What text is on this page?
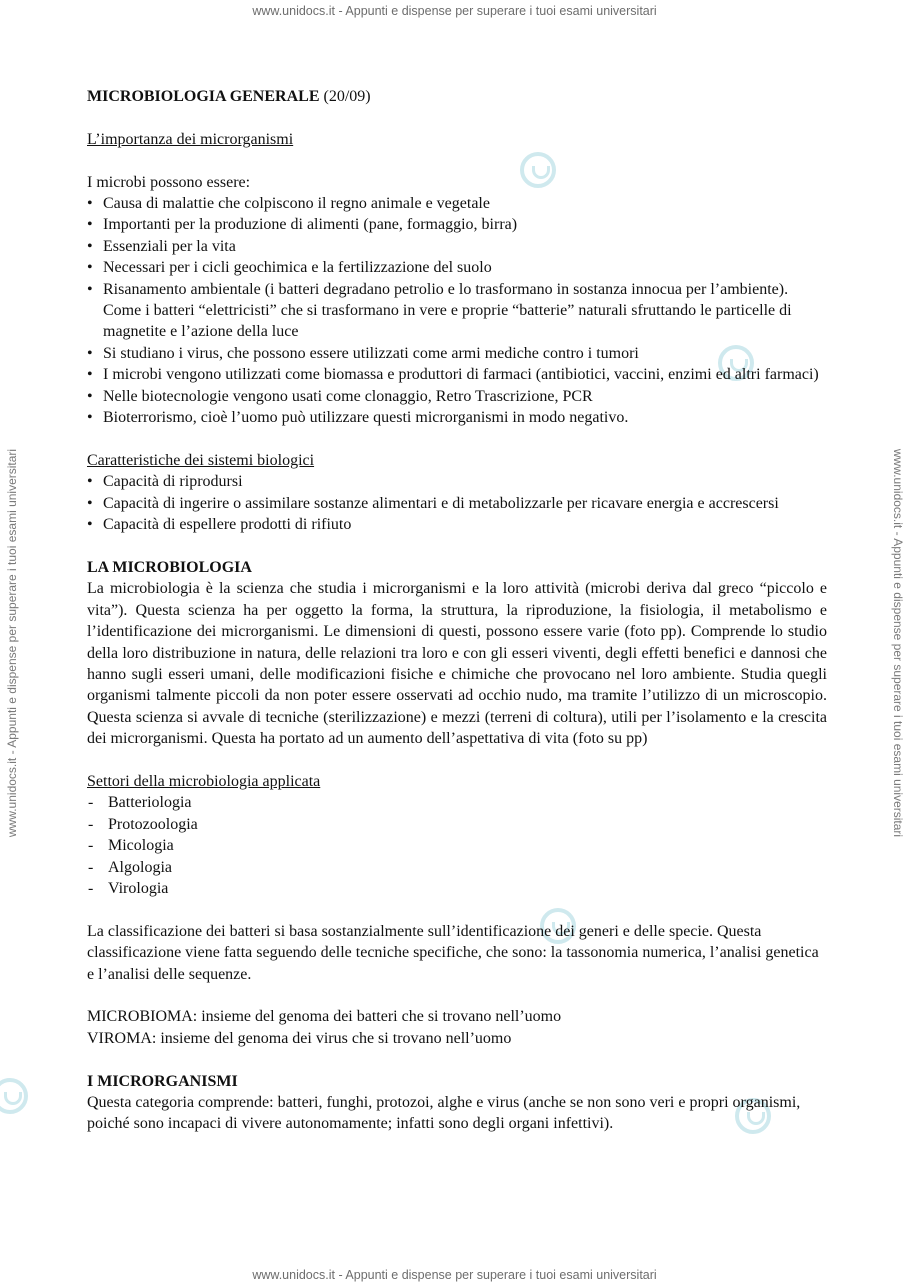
www.unidocs.it - Appunti e dispense per superare i tuoi esami universitari
www.unidocs.it - Appunti e dispense per superare i tuoi esami universitari
www.unidocs.it - Appunti e dispense per superare i tuoi esami universitari	www.unidocs.it - Appunti e dispense per superare i tuoi esami universitari

MICROBIOLOGIA GENERALE (20/09)

L’importanza dei microrganismi

I microbi possono essere:

• Causa di malattie che colpiscono il regno animale e vegetale
• Importanti per la produzione di alimenti (pane, formaggio, birra)
• Essenziali per la vita
• Necessari per i cicli geochimica e la fertilizzazione del suolo
• Risanamento ambientale (i batteri degradano petrolio e lo trasformano in sostanza innocua per l’ambiente). Come i batteri “elettricisti” che si trasformano in vere e proprie “batterie” naturali sfruttando le particelle di magnetite e l’azione della luce
• Si studiano i virus, che possono essere utilizzati come armi mediche contro i tumori
• I microbi vengono utilizzati come biomassa e produttori di farmaci (antibiotici, vaccini, enzimi ed altri farmaci)
• Nelle biotecnologie vengono usati come clonaggio, Retro Trascrizione, PCR
• Bioterrorismo, cioè l’uomo può utilizzare questi microrganismi in modo negativo.

Caratteristiche dei sistemi biologici

• Capacità di riprodursi
• Capacità di ingerire o assimilare sostanze alimentari e di metabolizzarle per ricavare energia e accrescersi
• Capacità di espellere prodotti di rifiuto

LA MICROBIOLOGIA

La microbiologia è la scienza che studia i microrganismi e la loro attività (microbi deriva dal greco “piccolo e vita”). Questa scienza ha per oggetto la forma, la struttura, la riproduzione, la fisiologia, il metabolismo e l’identificazione dei microrganismi. Le dimensioni di questi, possono essere varie (foto pp). Comprende lo studio della loro distribuzione in natura, delle relazioni tra loro e con gli esseri viventi, degli effetti benefici e dannosi che hanno sugli esseri umani, delle modificazioni fisiche e chimiche che provocano nel loro ambiente. Studia quegli organismi talmente piccoli da non poter essere osservati ad occhio nudo, ma tramite l’utilizzo di un microscopio. Questa scienza si avvale di tecniche (sterilizzazione) e mezzi (terreni di coltura), utili per l’isolamento e la crescita dei microrganismi. Questa ha portato ad un aumento dell’aspettativa di vita (foto su pp)

Settori della microbiologia applicata

- Batteriologia
- Protozoologia
- Micologia
- Algologia
- Virologia

La classificazione dei batteri si basa sostanzialmente sull’identificazione dei generi e delle specie. Questa classificazione viene fatta seguendo delle tecniche specifiche, che sono: la tassonomia numerica, l’analisi genetica e l’analisi delle sequenze.

MICROBIOMA: insieme del genoma dei batteri che si trovano nell’uomo

VIROMA: insieme del genoma dei virus che si trovano nell’uomo

I MICRORGANISMI

Questa categoria comprende: batteri, funghi, protozoi, alghe e virus (anche se non sono veri e propri organismi, poiché sono incapaci di vivere autonomamente; infatti sono degli organi infettivi).
